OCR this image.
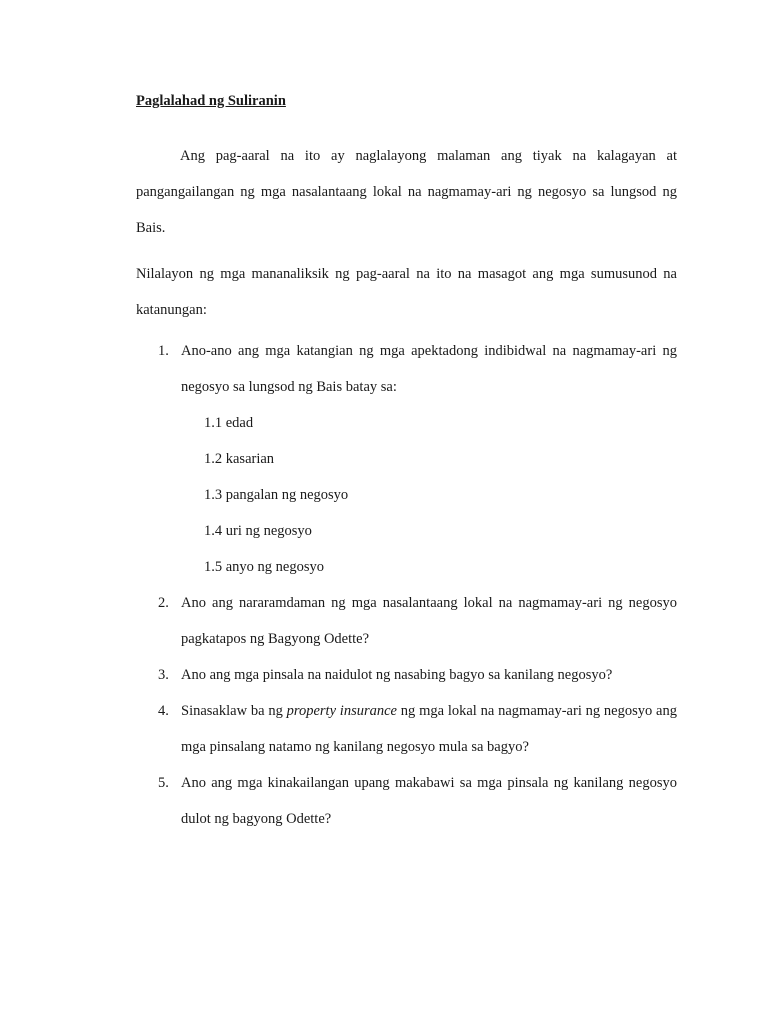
Paglalahad ng Suliranin

Ang pag-aaral na ito ay naglalayong malaman ang tiyak na kalagayan at pangangailangan ng mga nasalantaang lokal na nagmamay-ari ng negosyo sa lungsod ng Bais.

Nilalayon ng mga mananaliksik ng pag-aaral na ito na masagot ang mga sumusunod na katanungan:

1. Ano-ano ang mga katangian ng mga apektadong indibidwal na nagmamay-ari ng negosyo sa lungsod ng Bais batay sa:
1.1 edad
1.2 kasarian
1.3 pangalan ng negosyo
1.4 uri ng negosyo
1.5 anyo ng negosyo
2. Ano ang nararamdaman ng mga nasalantaang lokal na nagmamay-ari ng negosyo pagkatapos ng Bagyong Odette?
3. Ano ang mga pinsala na naidulot ng nasabing bagyo sa kanilang negosyo?
4. Sinasaklaw ba ng property insurance ng mga lokal na nagmamay-ari ng negosyo ang mga pinsalang natamo ng kanilang negosyo mula sa bagyo?
5. Ano ang mga kinakailangan upang makabawi sa mga pinsala ng kanilang negosyo dulot ng bagyong Odette?
